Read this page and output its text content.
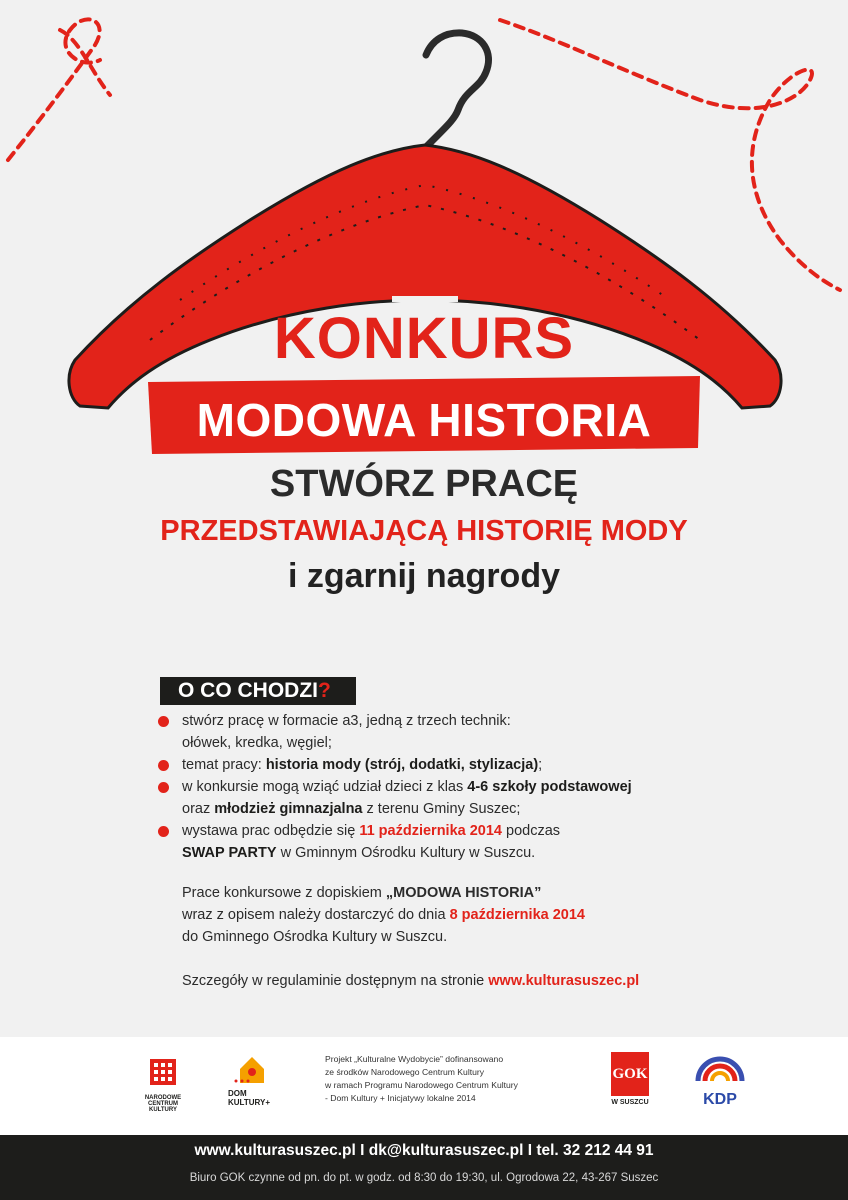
KONKURS
MODOWA HISTORIA
STWÓRZ PRACĘ
PRZEDSTAWIAJĄCĄ HISTORIĘ MODY
i zgarnij nagrody
O CO CHODZI?
stwórz pracę w formacie a3, jedną z trzech technik:
ołówek, kredka, węgiel;
temat pracy: historia mody (strój, dodatki, stylizacja);
w konkursie mogą wziąć udział dzieci z klas 4-6 szkoły podstawowej
oraz młodzież gimnazjalna z terenu Gminy Suszec;
wystawa prac odbędzie się 11 października 2014 podczas
SWAP PARTY w Gminnym Ośrodku Kultury w Suszcu.

Prace konkursowe z dopiskiem „MODOWA HISTORIA”
wraz z opisem należy dostarczyć do dnia 8 października 2014
do Gminnego Ośrodka Kultury w Suszcu.

Szczegóły w regulaminie dostępnym na stronie www.kulturasuszec.pl

NARODOWE CENTRUM KULTURY
DOM
KULTURY+
Projekt „Kulturalne Wydobycie” dofinansowano
ze środków Narodowego Centrum Kultury
w ramach Programu Narodowego Centrum Kultury
- Dom Kultury + Inicjatywy lokalne 2014
GOK
W SUSZCU	KDP
www.kulturasuszec.pl I dk@kulturasuszec.pl I tel. 32 212 44 91
Biuro GOK czynne od pn. do pt. w godz. od 8:30 do 19:30, ul. Ogrodowa 22, 43-267 Suszec
